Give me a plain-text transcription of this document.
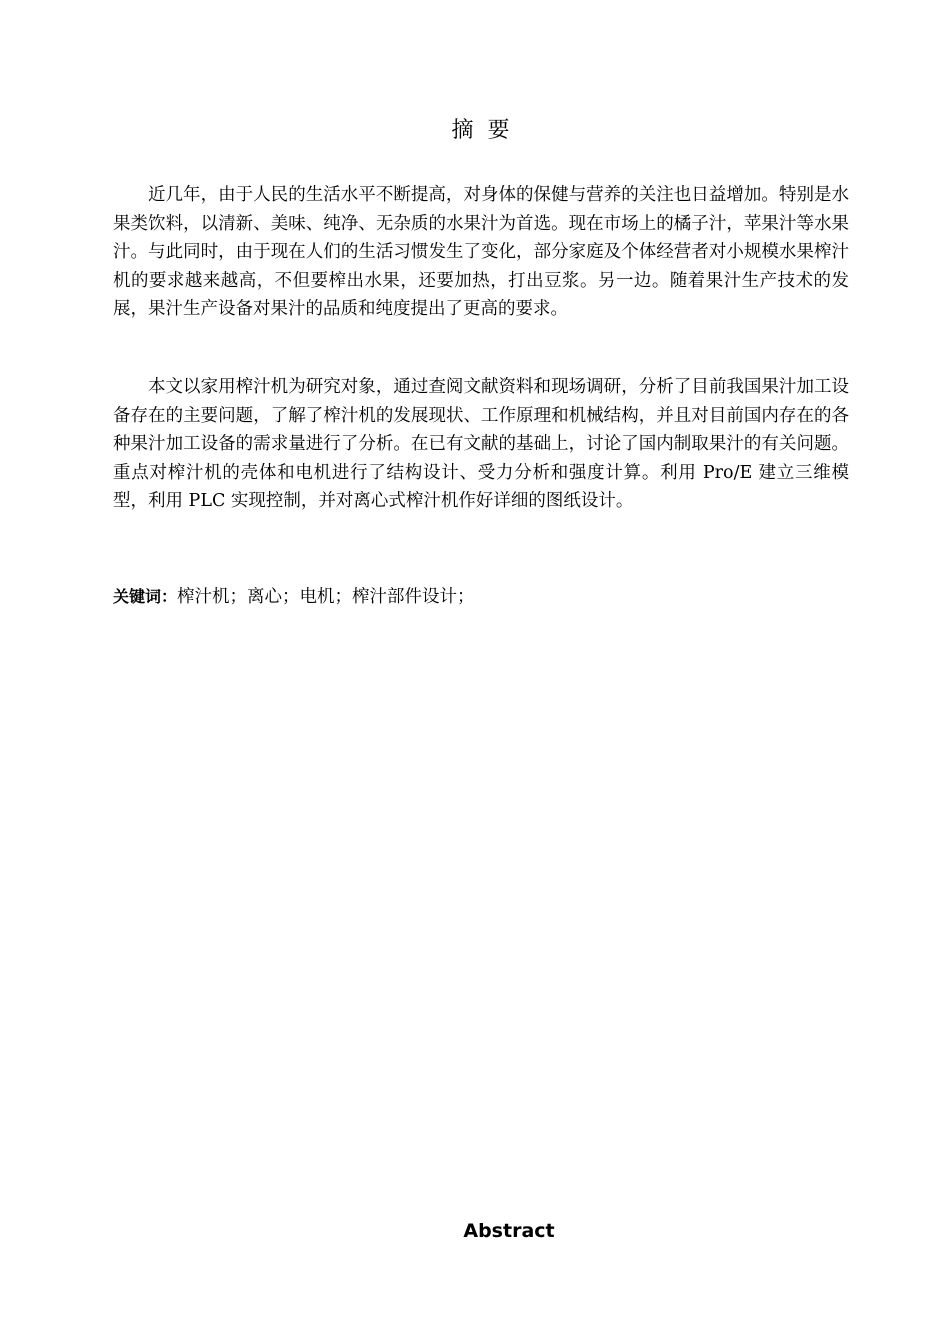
摘要

近几年，由于人民的生活水平不断提高，对身体的保健与营养的关注也日益增加。特别是水果类饮料，以清新、美味、纯净、无杂质的水果汁为首选。现在市场上的橘子汁，苹果汁等水果汁。与此同时，由于现在人们的生活习惯发生了变化，部分家庭及个体经营者对小规模水果榨汁机的要求越来越高，不但要榨出水果，还要加热，打出豆浆。另一边。随着果汁生产技术的发展，果汁生产设备对果汁的品质和纯度提出了更高的要求。

本文以家用榨汁机为研究对象，通过查阅文献资料和现场调研，分析了目前我国果汁加工设备存在的主要问题，了解了榨汁机的发展现状、工作原理和机械结构，并且对目前国内存在的各种果汁加工设备的需求量进行了分析。在已有文献的基础上，讨论了国内制取果汁的有关问题。重点对榨汁机的壳体和电机进行了结构设计、受力分析和强度计算。利用 Pro/E 建立三维模型，利用 PLC 实现控制，并对离心式榨汁机作好详细的图纸设计。

关键词：榨汁机；离心；电机；榨汁部件设计；
Abstract
